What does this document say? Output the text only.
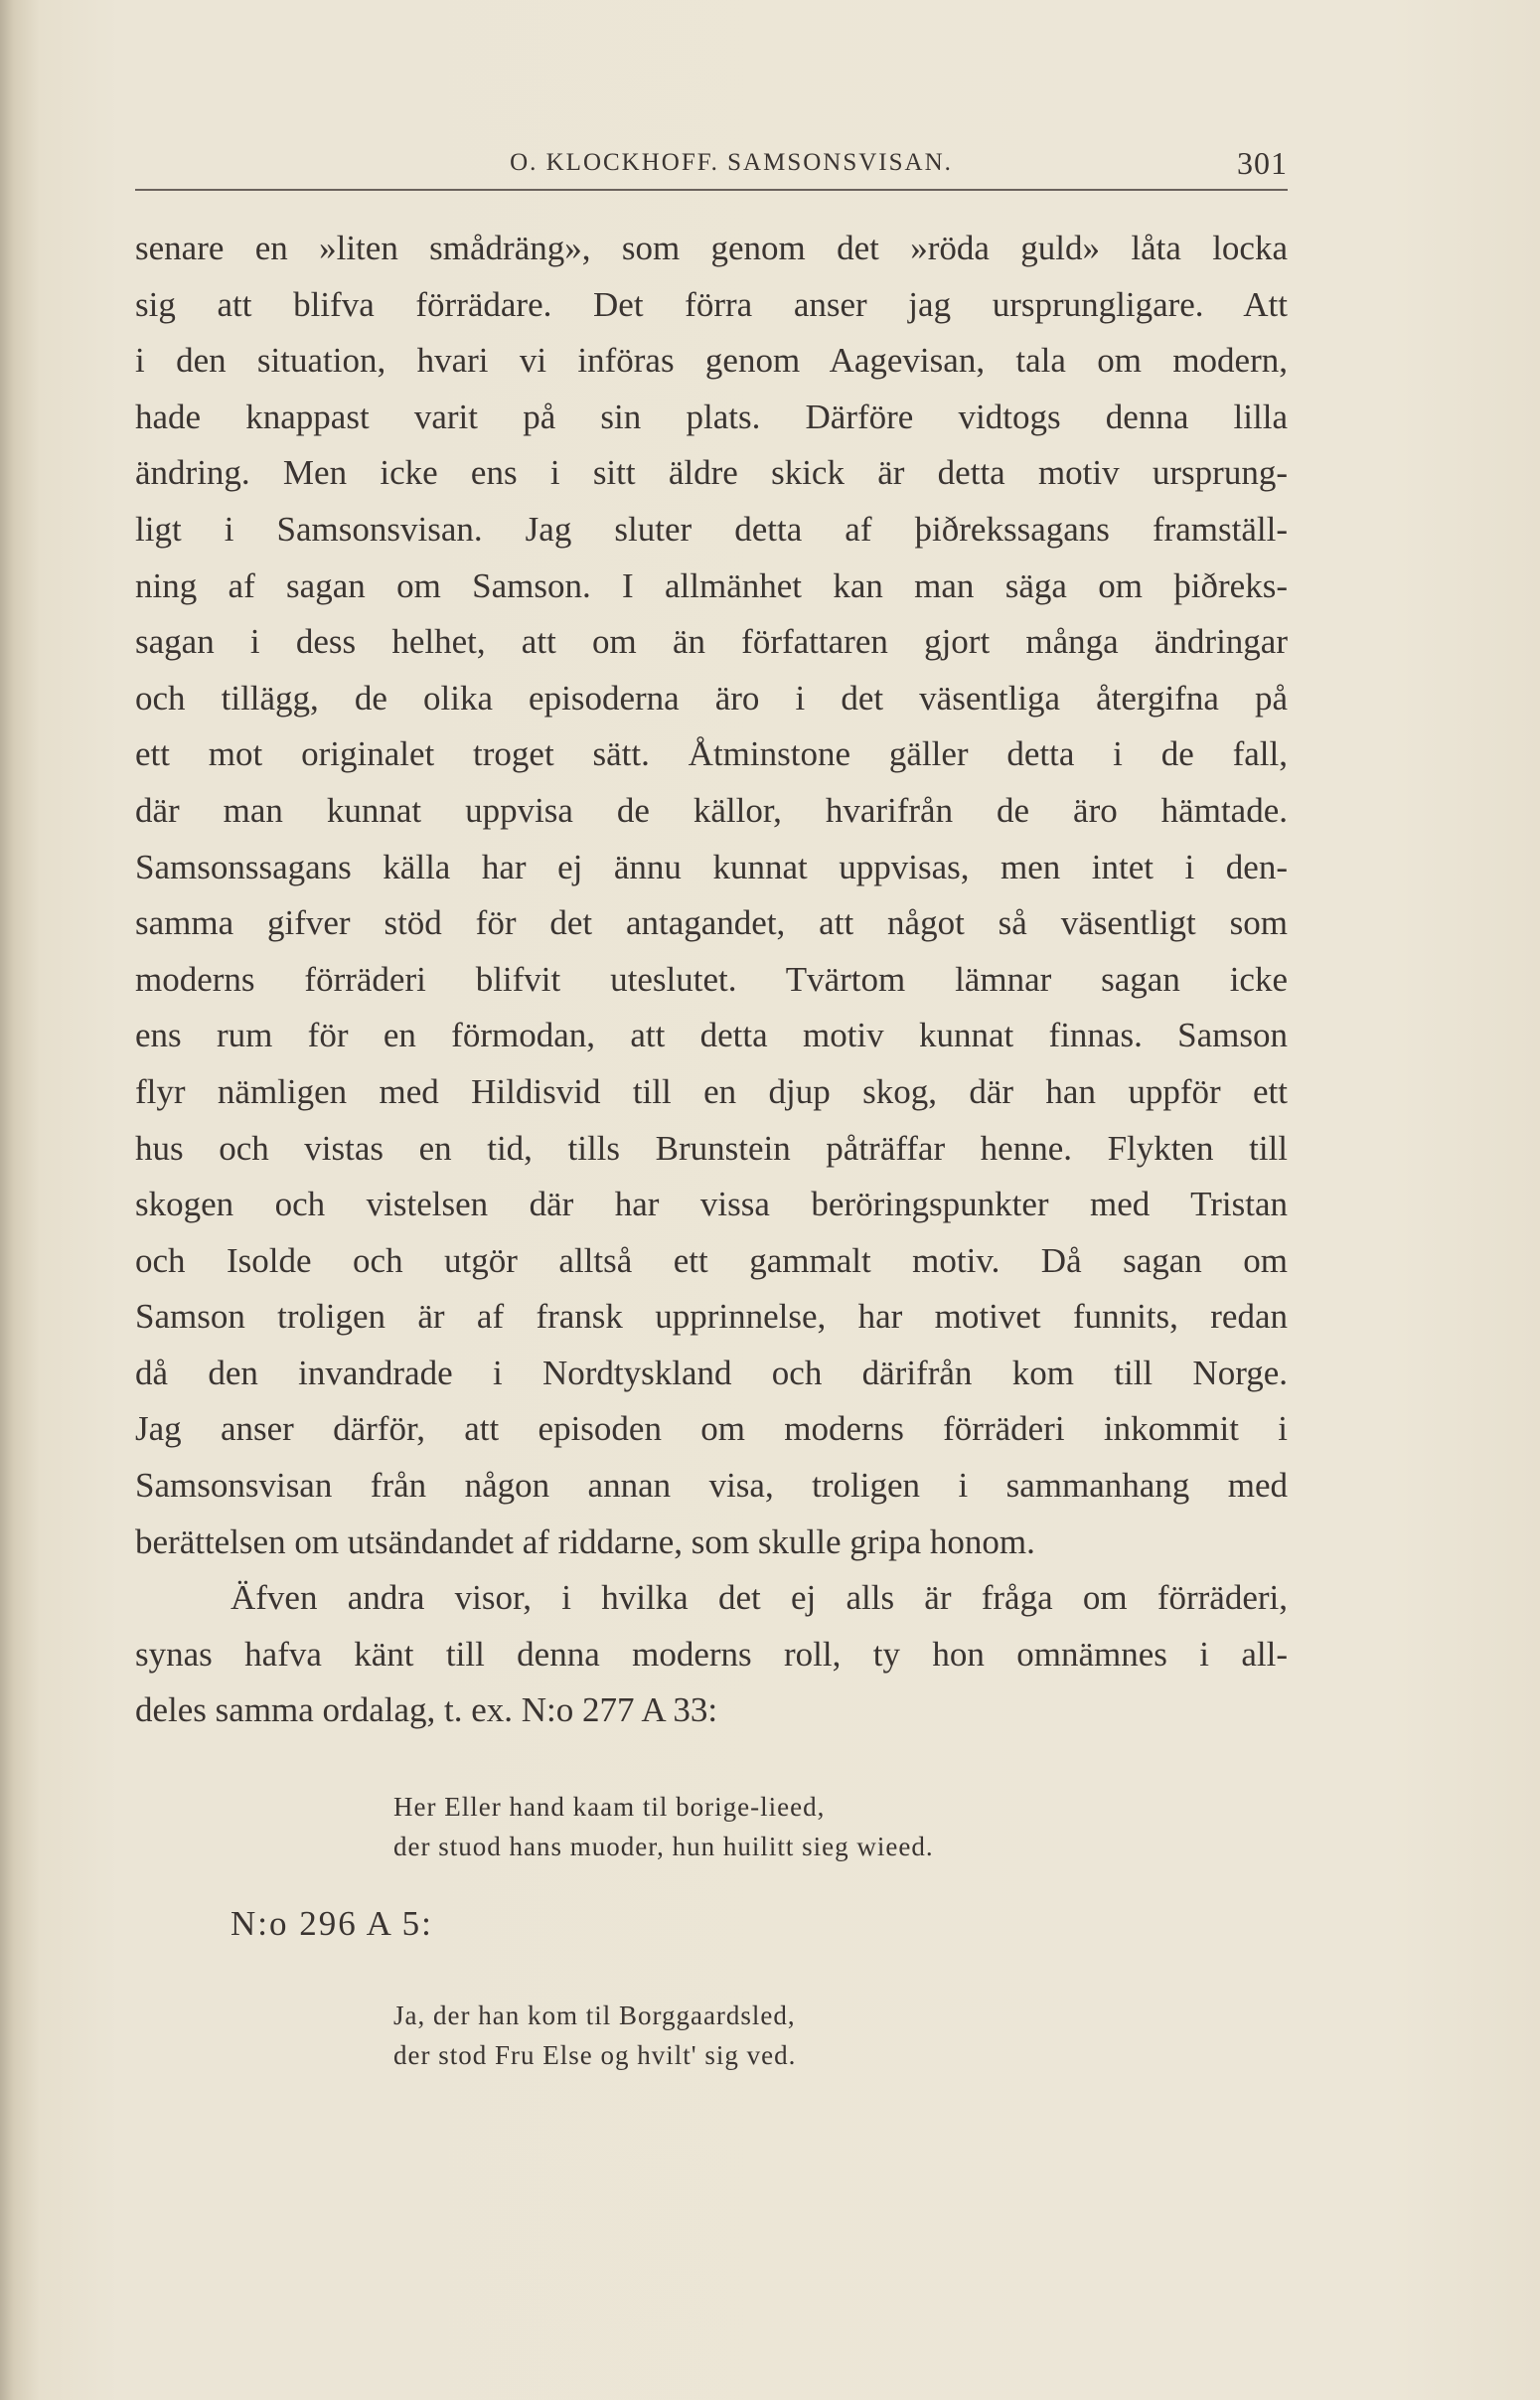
O. KLOCKHOFF. SAMSONSVISAN.	301
senare en »liten smådräng», som genom det »röda guld» låta locka
sig att blifva förrädare. Det förra anser jag ursprungligare. Att
i den situation, hvari vi införas genom Aagevisan, tala om modern,
hade knappast varit på sin plats. Därföre vidtogs denna lilla
ändring. Men icke ens i sitt äldre skick är detta motiv ursprung-
ligt i Samsonsvisan. Jag sluter detta af þiðrekssagans framställ-
ning af sagan om Samson. I allmänhet kan man säga om þiðreks-
sagan i dess helhet, att om än författaren gjort många ändringar
och tillägg, de olika episoderna äro i det väsentliga återgifna på
ett mot originalet troget sätt. Åtminstone gäller detta i de fall,
där man kunnat uppvisa de källor, hvarifrån de äro hämtade.
Samsonssagans källa har ej ännu kunnat uppvisas, men intet i den-
samma gifver stöd för det antagandet, att något så väsentligt som
moderns förräderi blifvit uteslutet. Tvärtom lämnar sagan icke
ens rum för en förmodan, att detta motiv kunnat finnas. Samson
flyr nämligen med Hildisvid till en djup skog, där han uppför ett
hus och vistas en tid, tills Brunstein påträffar henne. Flykten till
skogen och vistelsen där har vissa beröringspunkter med Tristan
och Isolde och utgör alltså ett gammalt motiv. Då sagan om
Samson troligen är af fransk upprinnelse, har motivet funnits, redan
då den invandrade i Nordtyskland och därifrån kom till Norge.
Jag anser därför, att episoden om moderns förräderi inkommit i
Samsonsvisan från någon annan visa, troligen i sammanhang med
berättelsen om utsändandet af riddarne, som skulle gripa honom.
Äfven andra visor, i hvilka det ej alls är fråga om förräderi,
synas hafva känt till denna moderns roll, ty hon omnämnes i all-
deles samma ordalag, t. ex. N:o 277 A 33:
Her Eller hand kaam til borige-lieed,
der stuod hans muoder, hun huilitt sieg wieed.
N:o 296 A 5:
Ja, der han kom til Borggaardsled,
der stod Fru Else og hvilt' sig ved.
